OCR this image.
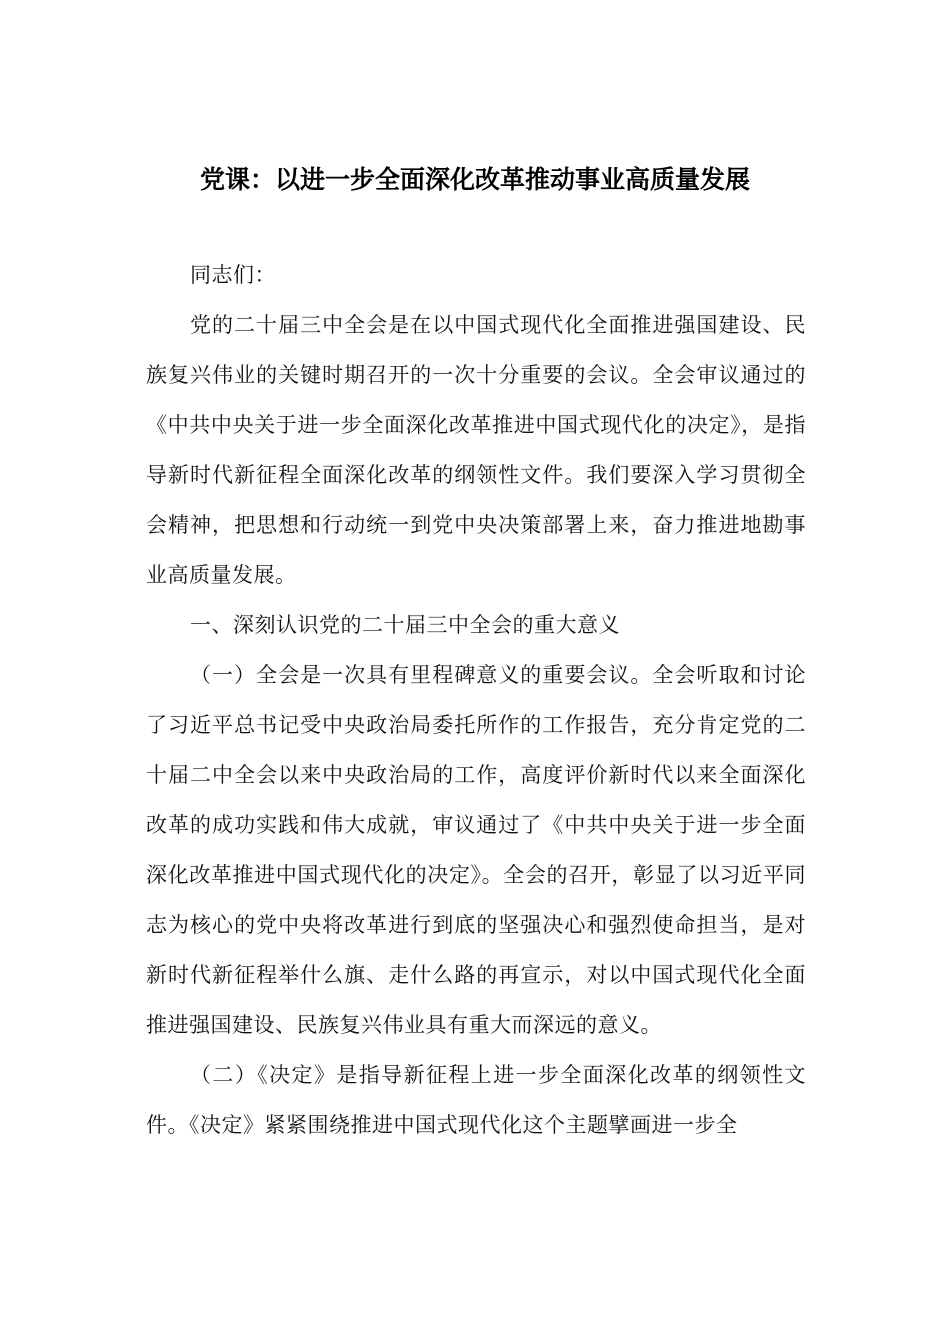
党课：以进一步全面深化改革推动事业高质量发展

同志们：

党的二十届三中全会是在以中国式现代化全面推进强国建设、民族复兴伟业的关键时期召开的一次十分重要的会议。全会审议通过的《中共中央关于进一步全面深化改革推进中国式现代化的决定》，是指导新时代新征程全面深化改革的纲领性文件。我们要深入学习贯彻全会精神，把思想和行动统一到党中央决策部署上来，奋力推进地勘事业高质量发展。

一、深刻认识党的二十届三中全会的重大意义

（一）全会是一次具有里程碑意义的重要会议。全会听取和讨论了习近平总书记受中央政治局委托所作的工作报告，充分肯定党的二十届二中全会以来中央政治局的工作，高度评价新时代以来全面深化改革的成功实践和伟大成就，审议通过了《中共中央关于进一步全面深化改革推进中国式现代化的决定》。全会的召开，彰显了以习近平同志为核心的党中央将改革进行到底的坚强决心和强烈使命担当，是对新时代新征程举什么旗、走什么路的再宣示，对以中国式现代化全面推进强国建设、民族复兴伟业具有重大而深远的意义。

（二）《决定》是指导新征程上进一步全面深化改革的纲领性文件。《决定》紧紧围绕推进中国式现代化这个主题擘画进一步全
